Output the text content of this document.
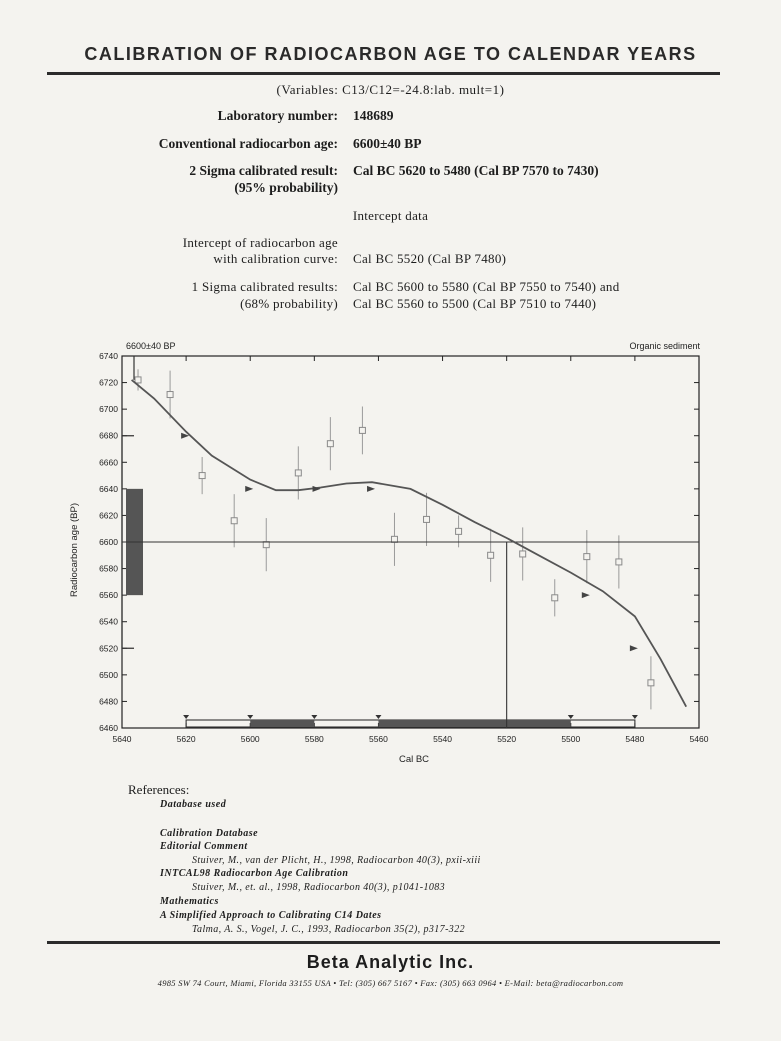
CALIBRATION OF RADIOCARBON AGE TO CALENDAR YEARS
(Variables: C13/C12=-24.8:lab. mult=1)
Laboratory number: 148689
Conventional radiocarbon age: 6600±40 BP
2 Sigma calibrated result:
(95% probability)
Cal BC 5620 to 5480 (Cal BP 7570 to 7430)
Intercept data
Intercept of radiocarbon age
with calibration curve: Cal BC 5520 (Cal BP 7480)
1 Sigma calibrated results:
(68% probability)
Cal BC 5600 to 5580 (Cal BP 7550 to 7540) and
Cal BC 5560 to 5500 (Cal BP 7510 to 7440)
6600±40 BP	Organic sediment
6460
6480
6500
6520
6540
6560
6580
6600
6620
6640
6660
6680
6700
6720
6740
5640	5620	5600	5580	5560	5540	5520	5500	5480	5460
Radiocarbon age (BP)
Cal BC
References:
Database used
Calibration Database
Editorial Comment
Stuiver, M., van der Plicht, H., 1998, Radiocarbon 40(3), pxii-xiii
INTCAL98 Radiocarbon Age Calibration
Stuiver, M., et. al., 1998, Radiocarbon 40(3), p1041-1083
Mathematics
A Simplified Approach to Calibrating C14 Dates
Talma, A. S., Vogel, J. C., 1993, Radiocarbon 35(2), p317-322
Beta Analytic Inc.
4985 SW 74 Court, Miami, Florida 33155 USA • Tel: (305) 667 5167 • Fax: (305) 663 0964 • E-Mail: beta@radiocarbon.com
